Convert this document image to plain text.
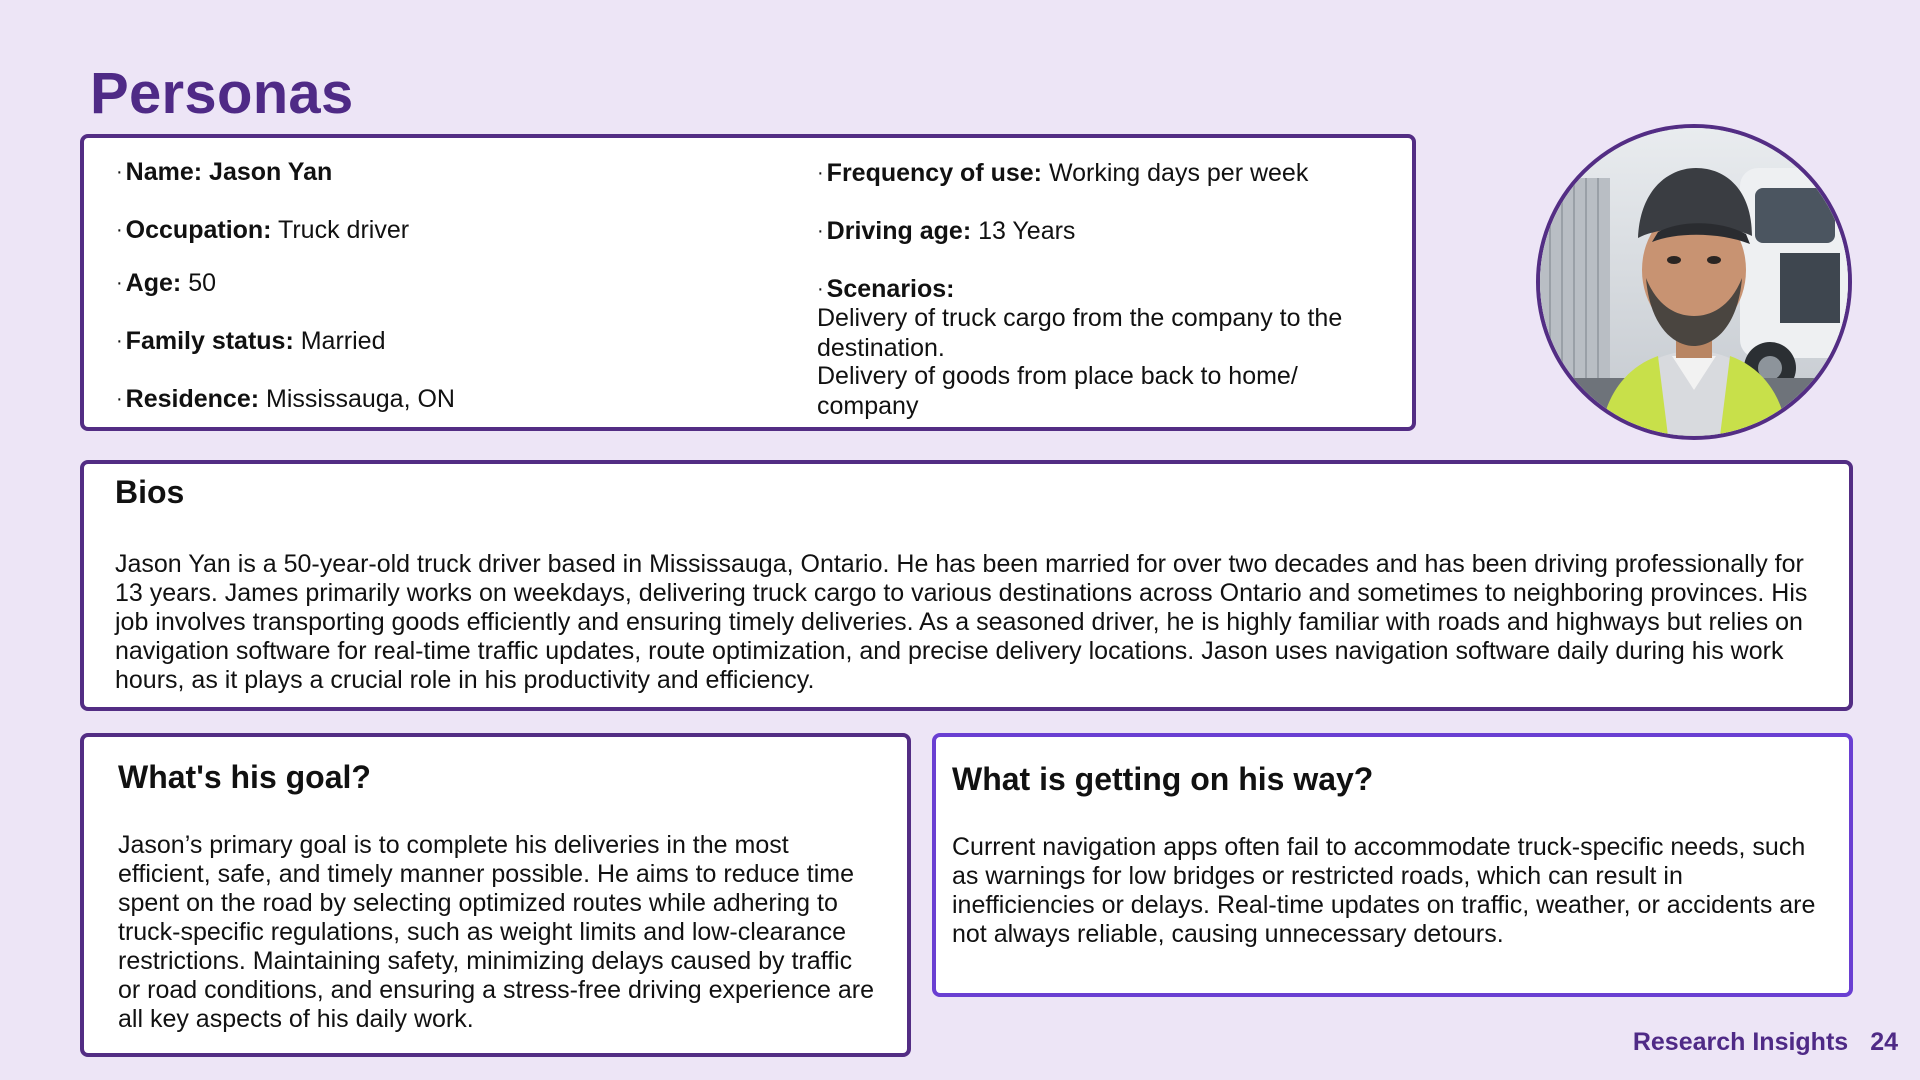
Personas
· Name: Jason Yan
· Occupation: Truck driver
· Age: 50
· Family status: Married
· Residence: Mississauga, ON
· Frequency of use: Working days per week
· Driving age: 13 Years
· Scenarios:
Delivery of truck cargo from the company to the destination.
Delivery of goods from place back to home/ company
Bios

Jason Yan is a 50-year-old truck driver based in Mississauga, Ontario. He has been married for over two decades and has been driving professionally for 13 years. James primarily works on weekdays, delivering truck cargo to various destinations across Ontario and sometimes to neighboring provinces. His job involves transporting goods efficiently and ensuring timely deliveries. As a seasoned driver, he is highly familiar with roads and highways but relies on navigation software for real-time traffic updates, route optimization, and precise delivery locations. Jason uses navigation software daily during his work hours, as it plays a crucial role in his productivity and efficiency.

What's his goal?

Jason’s primary goal is to complete his deliveries in the most efficient, safe, and timely manner possible. He aims to reduce time spent on the road by selecting optimized routes while adhering to truck-specific regulations, such as weight limits and low-clearance restrictions. Maintaining safety, minimizing delays caused by traffic or road conditions, and ensuring a stress-free driving experience are all key aspects of his daily work.

What is getting on his way?

Current navigation apps often fail to accommodate truck-specific needs, such as warnings for low bridges or restricted roads, which can result in inefficiencies or delays. Real-time updates on traffic, weather, or accidents are not always reliable, causing unnecessary detours.

Research Insights 24
